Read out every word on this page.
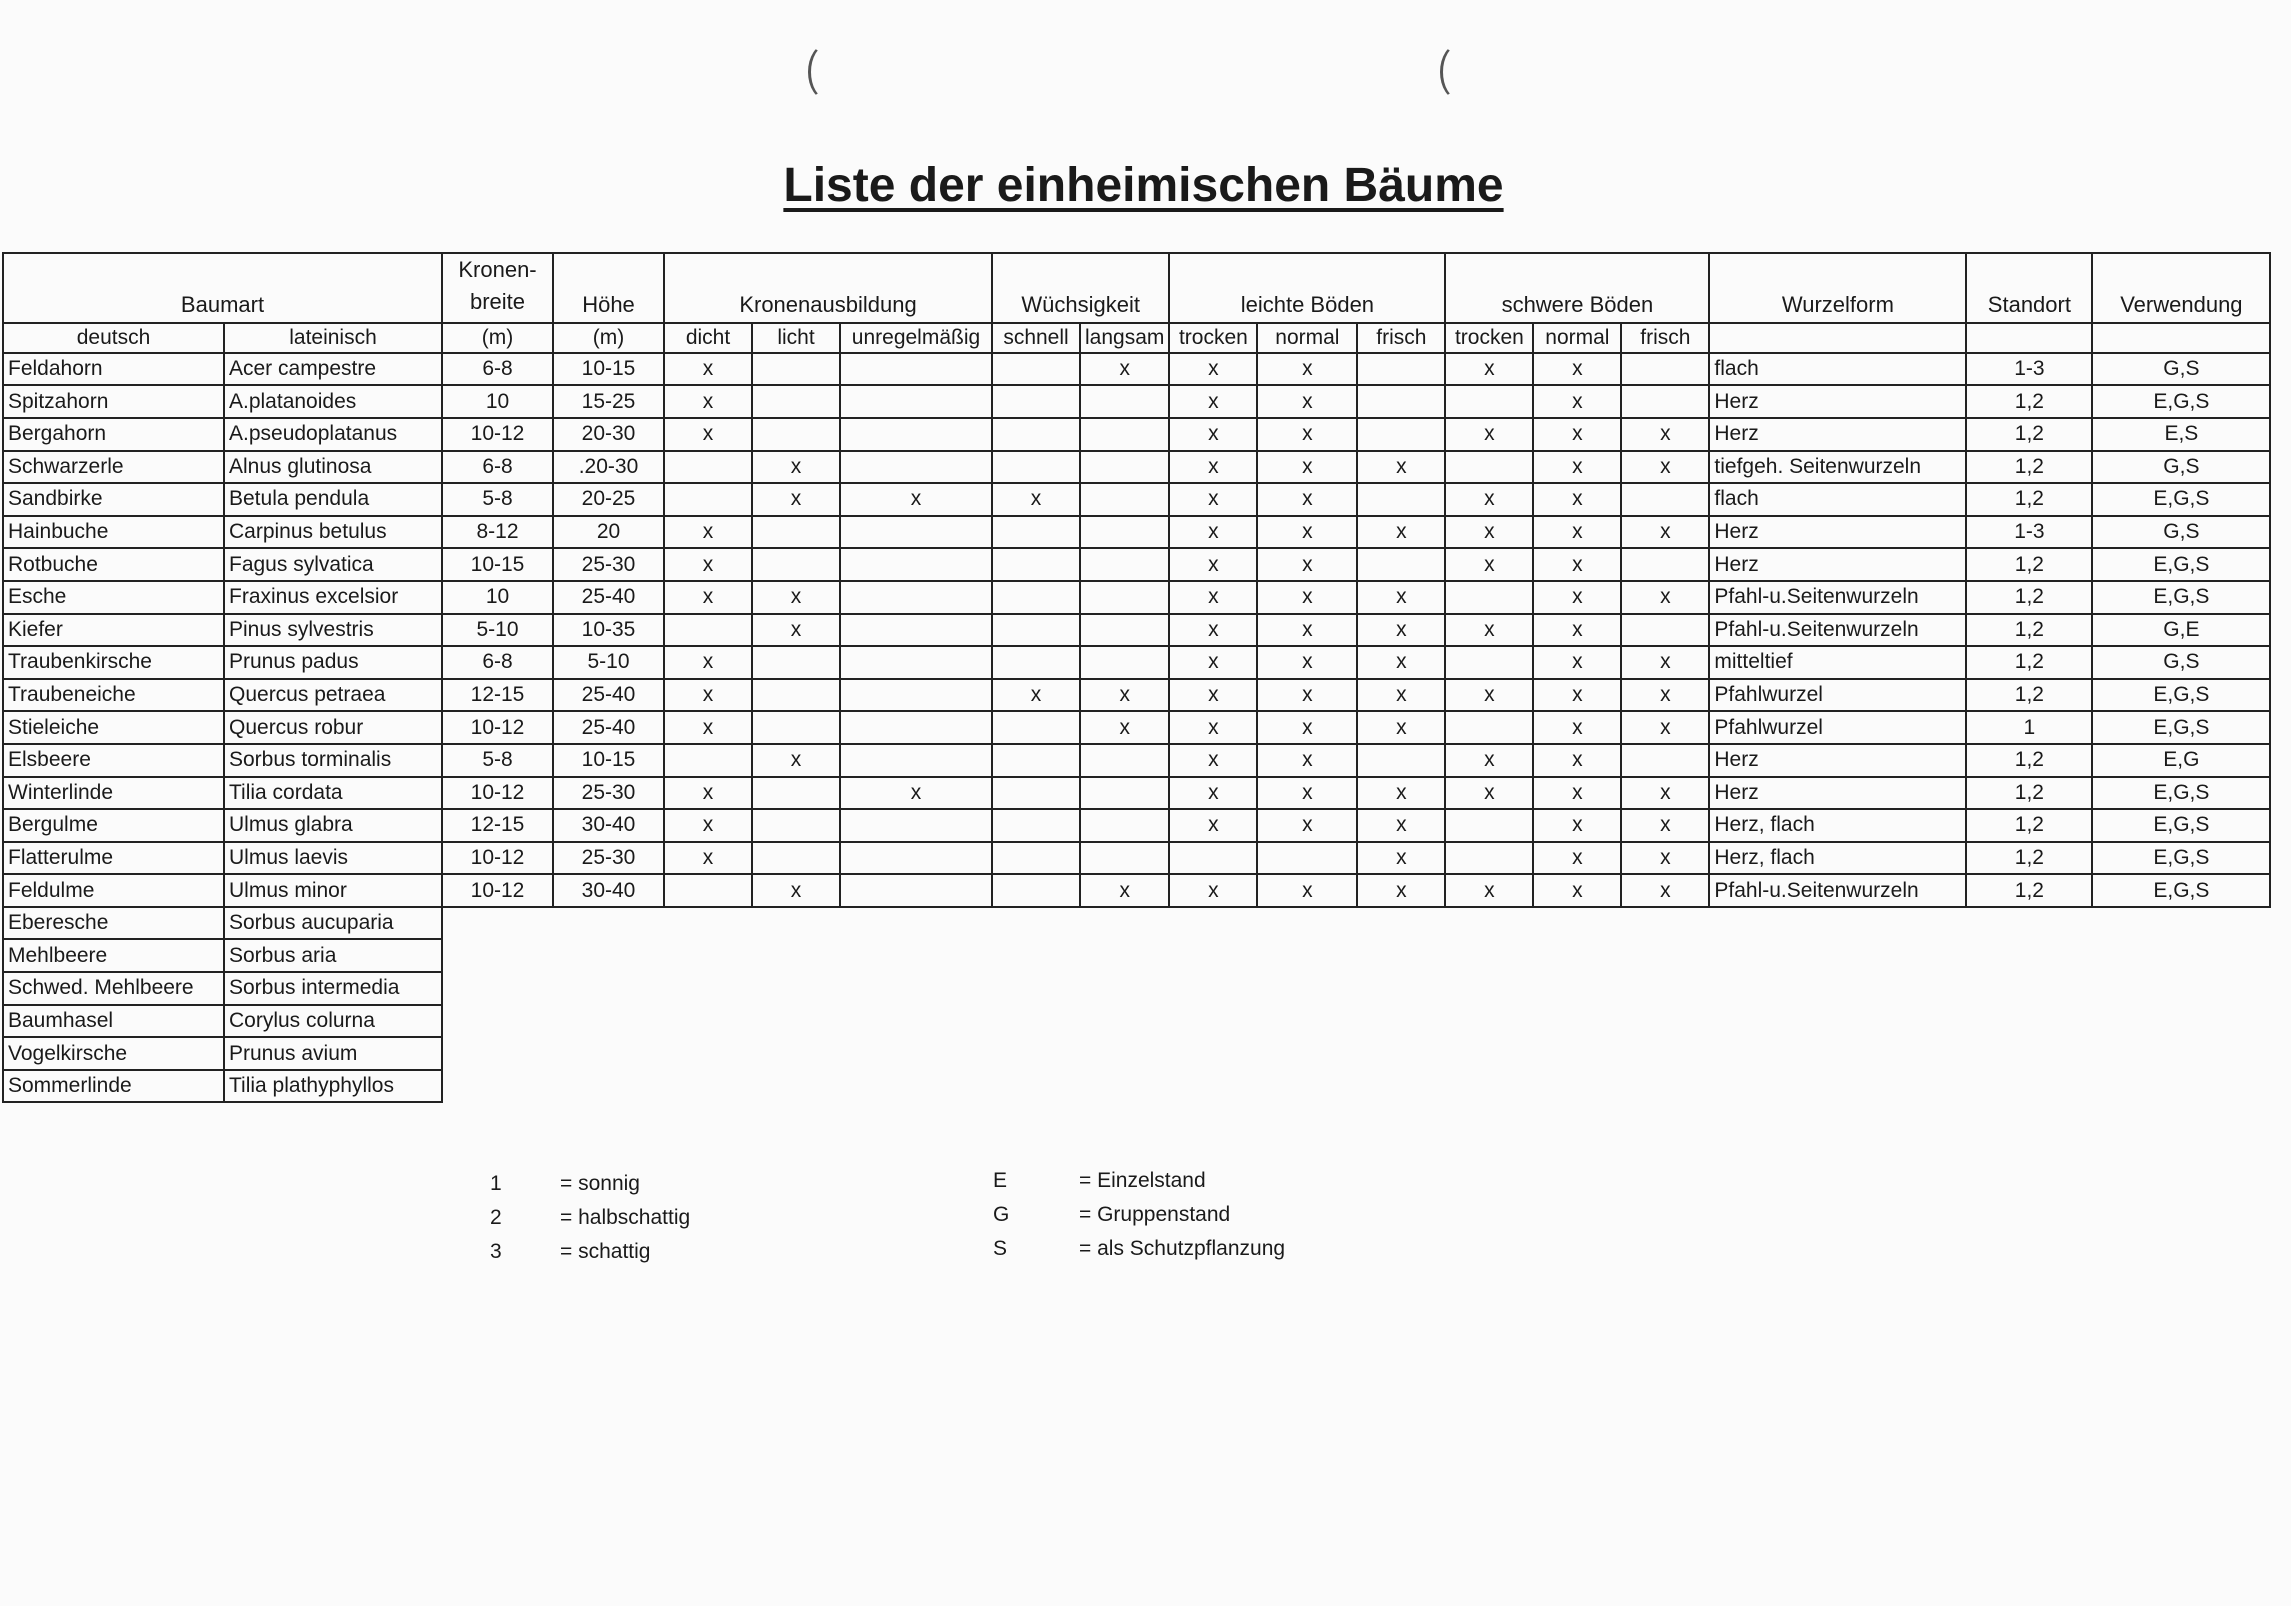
Liste der einheimischen Bäume
Baumart		Kronen-
breite	Höhe	Kronenausbildung			Wüchsigkeit		leichte Böden			schwere Böden			Wurzelform	Standort	Verwendung
deutsch	lateinisch	(m)	(m)	dicht	licht	unregelmäßig	schnell	langsam	trocken	normal	frisch	trocken	normal	frisch			
Feldahorn	Acer campestre	6-8	10-15	x				x	x	x		x	x		flach	1-3	G,S
Spitzahorn	A.platanoides	10	15-25	x					x	x			x		Herz	1,2	E,G,S
Bergahorn	A.pseudoplatanus	10-12	20-30	x					x	x		x	x	x	Herz	1,2	E,S
Schwarzerle	Alnus glutinosa	6-8	.20-30		x				x	x	x		x	x	tiefgeh. Seitenwurzeln	1,2	G,S
Sandbirke	Betula pendula	5-8	20-25		x	x	x		x	x		x	x		flach	1,2	E,G,S
Hainbuche	Carpinus betulus	8-12	20	x					x	x	x	x	x	x	Herz	1-3	G,S
Rotbuche	Fagus sylvatica	10-15	25-30	x					x	x		x	x		Herz	1,2	E,G,S
Esche	Fraxinus excelsior	10	25-40	x	x				x	x	x		x	x	Pfahl-u.Seitenwurzeln	1,2	E,G,S
Kiefer	Pinus sylvestris	5-10	10-35		x				x	x	x	x	x		Pfahl-u.Seitenwurzeln	1,2	G,E
Traubenkirsche	Prunus padus	6-8	5-10	x					x	x	x		x	x	mitteltief	1,2	G,S
Traubeneiche	Quercus petraea	12-15	25-40	x			x	x	x	x	x	x	x	x	Pfahlwurzel	1,2	E,G,S
Stieleiche	Quercus robur	10-12	25-40	x				x	x	x	x		x	x	Pfahlwurzel	1	E,G,S
Elsbeere	Sorbus torminalis	5-8	10-15		x				x	x		x	x		Herz	1,2	E,G
Winterlinde	Tilia cordata	10-12	25-30	x		x			x	x	x	x	x	x	Herz	1,2	E,G,S
Bergulme	Ulmus glabra	12-15	30-40	x					x	x	x		x	x	Herz, flach	1,2	E,G,S
Flatterulme	Ulmus laevis	10-12	25-30	x							x		x	x	Herz, flach	1,2	E,G,S
Feldulme	Ulmus minor	10-12	30-40		x			x	x	x	x	x	x	x	Pfahl-u.Seitenwurzeln	1,2	E,G,S
Eberesche	Sorbus aucuparia																
Mehlbeere	Sorbus aria																
Schwed. Mehlbeere	Sorbus intermedia																
Baumhasel	Corylus colurna																
Vogelkirsche	Prunus avium																
Sommerlinde	Tilia plathyphyllos																
1	= sonnig
2	= halbschattig
3	= schattig
E	= Einzelstand
G	= Gruppenstand
S	= als Schutzpflanzung
